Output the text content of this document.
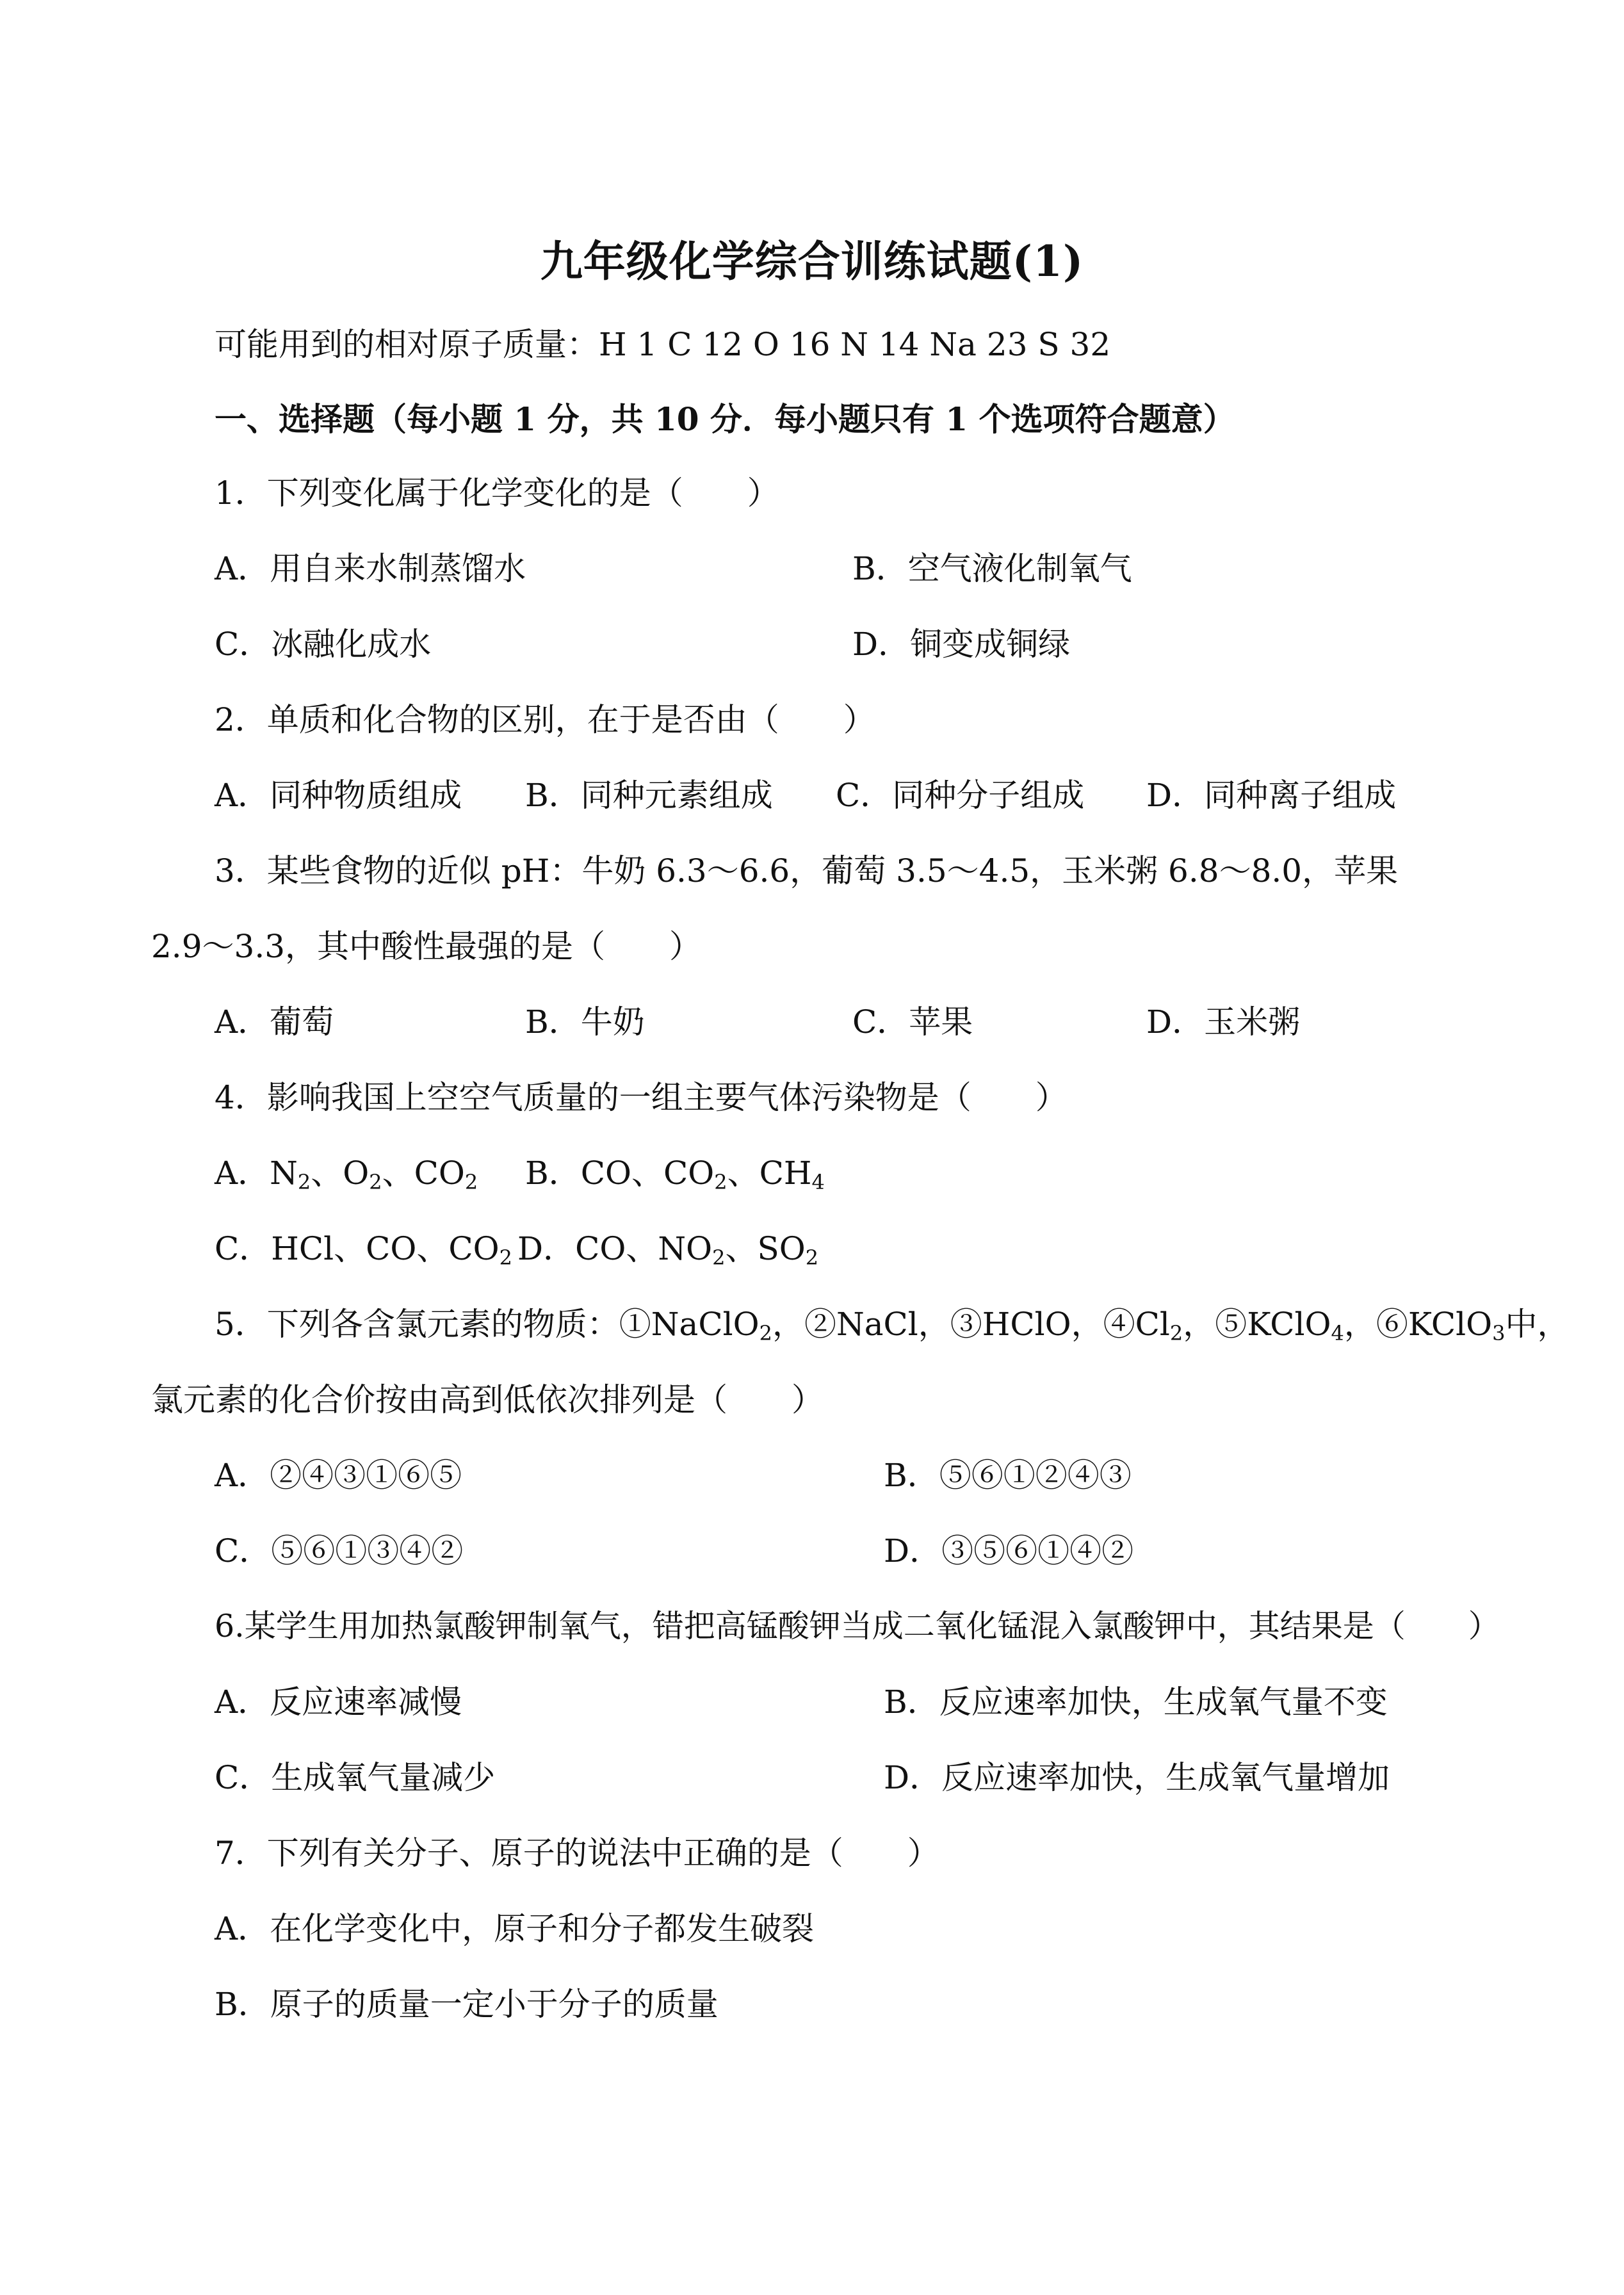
九年级化学综合训练试题(1)
可能用到的相对原子质量：H 1 C 12 O 16 N 14 Na 23 S 32
一、选择题（每小题 1 分，共 10 分．每小题只有 1 个选项符合题意）
1．下列变化属于化学变化的是（　　）
A．用自来水制蒸馏水	B．空气液化制氧气
C．冰融化成水	D．铜变成铜绿
2．单质和化合物的区别，在于是否由（　　）
A．同种物质组成 B．同种元素组成 C．同种分子组成 D．同种离子组成
3．某些食物的近似 pH：牛奶 6.3～6.6，葡萄 3.5～4.5，玉米粥 6.8～8.0，苹果
2.9～3.3，其中酸性最强的是（　　）
A．葡萄	B．牛奶	C．苹果	D．玉米粥
4．影响我国上空空气质量的一组主要气体污染物是（　　）
A．$N_2$、$O_2$、$CO_2$ B．CO、$CO_2$、$CH_4$
C．HCl、CO、$CO_2$ D．CO、$NO_2$、$SO_2$
5．下列各含氯元素的物质：①NaClO$_2$，②NaCl，③HClO，$④Cl_2$，⑤KClO$_4$，⑥KClO$_3$中，
氯元素的化合价按由高到低依次排列是（　　）
A．②④③①⑥⑤	B．⑤⑥①②④③
C．⑤⑥①③④②	D．③⑤⑥①④②
6.某学生用加热氯酸钾制氧气，错把高锰酸钾当成二氧化锰混入氯酸钾中，其结果是（　　）
A．反应速率减慢	B．反应速率加快，生成氧气量不变
C．生成氧气量减少	D．反应速率加快，生成氧气量增加
7．下列有关分子、原子的说法中正确的是（　　）
A．在化学变化中，原子和分子都发生破裂
B．原子的质量一定小于分子的质量
